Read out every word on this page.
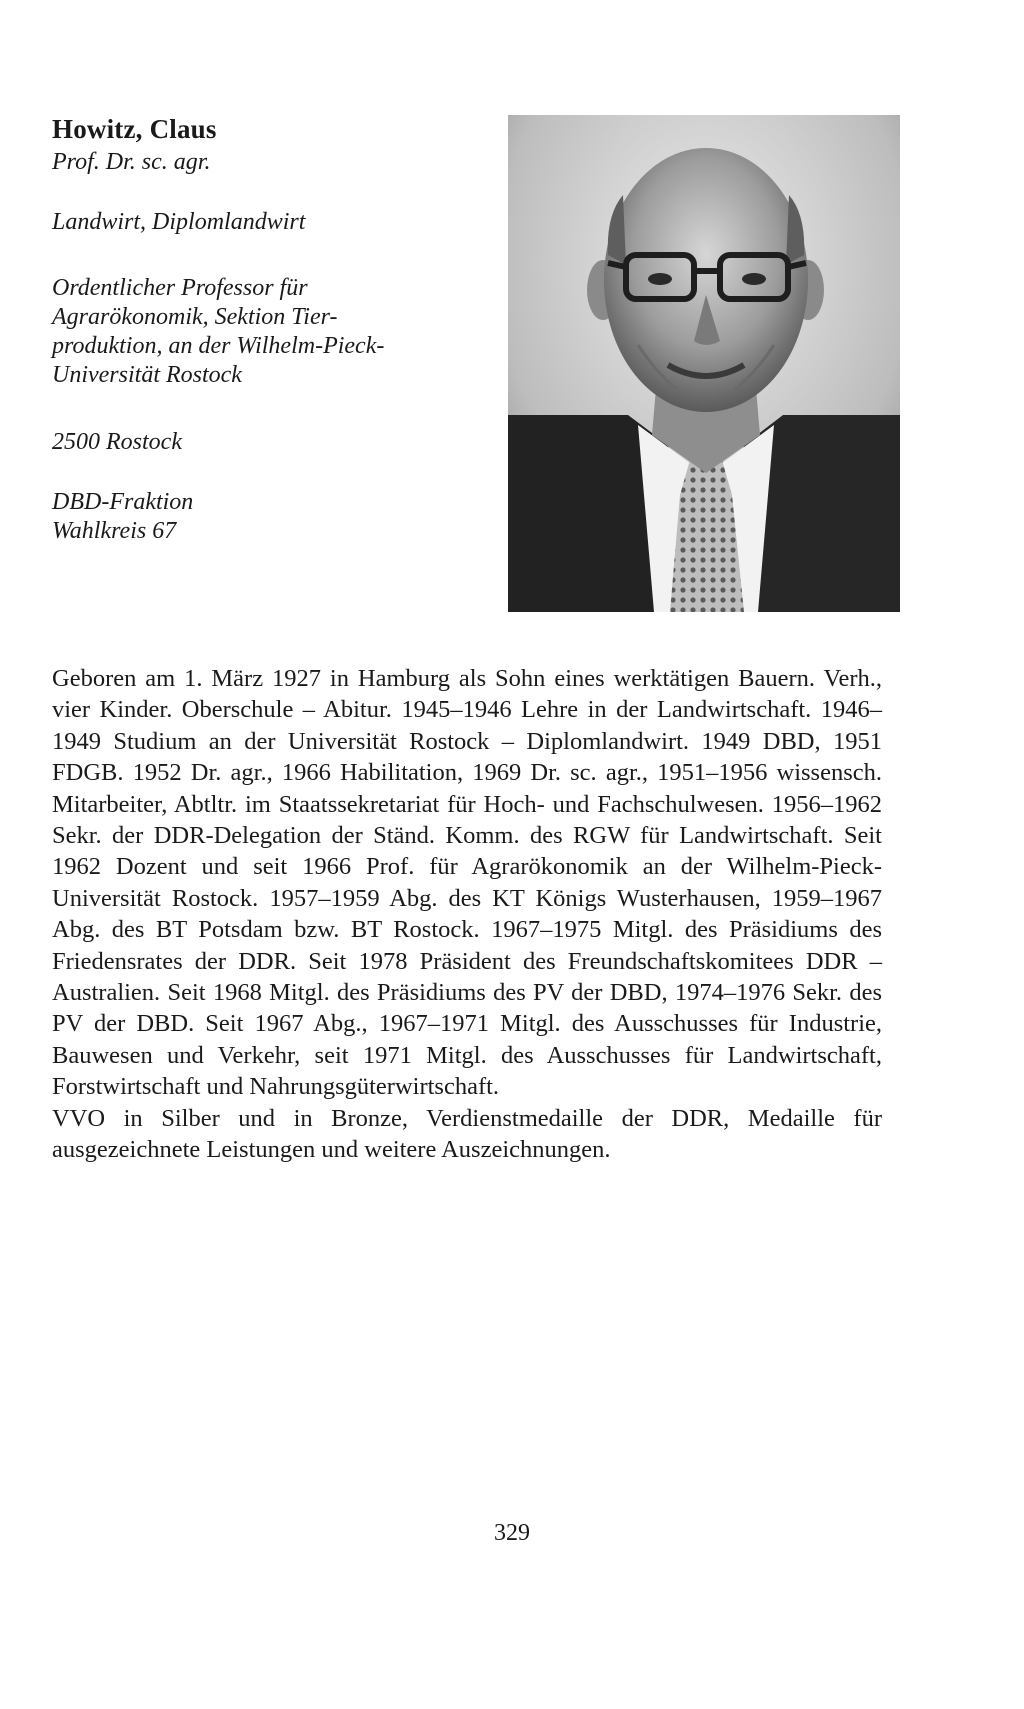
Howitz, Claus
Prof. Dr. sc. agr.
Landwirt, Diplomlandwirt
Ordentlicher Professor für
Agrarökonomik, Sektion Tier-
produktion, an der Wilhelm-Pieck-
Universität Rostock
2500 Rostock
DBD-Fraktion
Wahlkreis 67

Geboren am 1. März 1927 in Hamburg als Sohn eines werktätigen Bauern. Verh., vier Kinder. Oberschule – Abitur. 1945–1946 Lehre in der Landwirtschaft. 1946–1949 Studium an der Universität Rostock – Diplomlandwirt. 1949 DBD, 1951 FDGB. 1952 Dr. agr., 1966 Habilitation, 1969 Dr. sc. agr., 1951–1956 wissensch. Mitarbeiter, Abtltr. im Staatssekretariat für Hoch- und Fachschulwesen. 1956–1962 Sekr. der DDR-Delegation der Ständ. Komm. des RGW für Landwirtschaft. Seit 1962 Dozent und seit 1966 Prof. für Agrarökonomik an der Wilhelm-Pieck-Universität Rostock. 1957–1959 Abg. des KT Königs Wusterhausen, 1959–1967 Abg. des BT Potsdam bzw. BT Rostock. 1967–1975 Mitgl. des Präsidiums des Friedensrates der DDR. Seit 1978 Präsident des Freundschaftskomitees DDR – Australien. Seit 1968 Mitgl. des Präsidiums des PV der DBD, 1974–1976 Sekr. des PV der DBD. Seit 1967 Abg., 1967–1971 Mitgl. des Ausschusses für Industrie, Bauwesen und Verkehr, seit 1971 Mitgl. des Ausschusses für Landwirtschaft, Forstwirtschaft und Nahrungsgüterwirtschaft.

VVO in Silber und in Bronze, Verdienstmedaille der DDR, Medaille für ausgezeichnete Leistungen und weitere Auszeichnungen.

329
